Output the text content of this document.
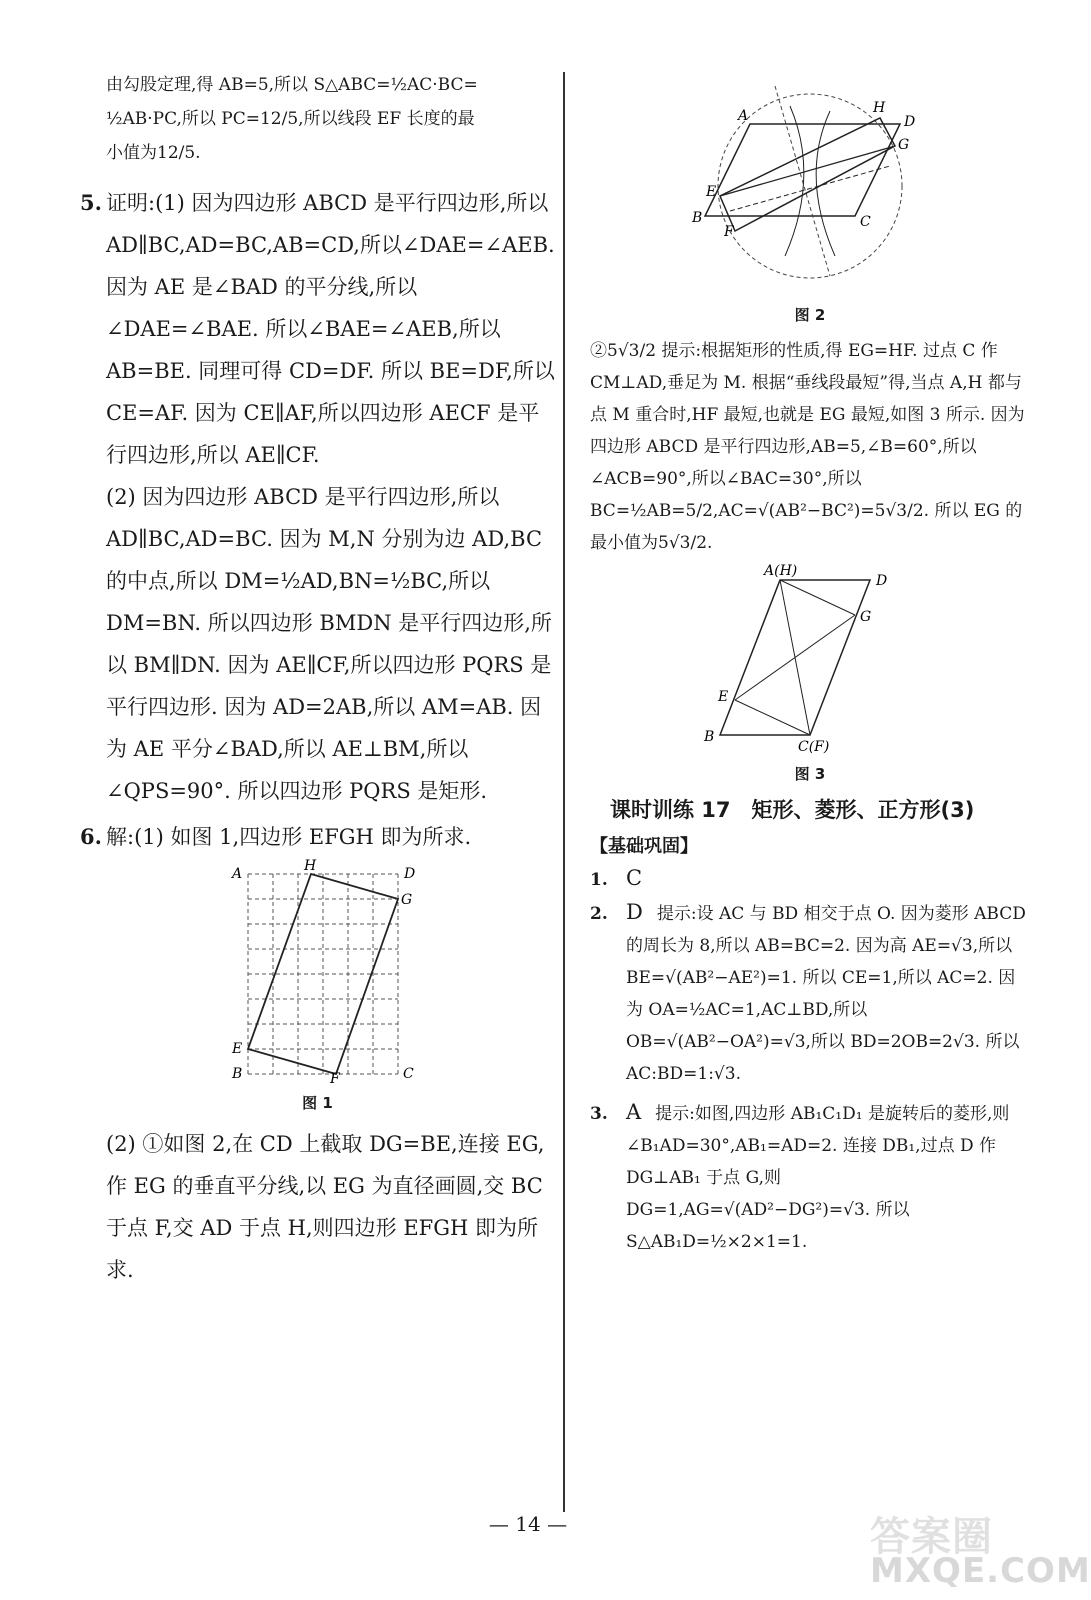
由勾股定理,得 AB=5,所以 S△ABC=½AC·BC=

½AB·PC,所以 PC=12/5,所以线段 EF 长度的最

小值为12/5.

5. 证明:(1) 因为四边形 ABCD 是平行四边形,所以 AD∥BC,AD=BC,AB=CD,所以∠DAE=∠AEB. 因为 AE 是∠BAD 的平分线,所以∠DAE=∠BAE. 所以∠BAE=∠AEB,所以 AB=BE. 同理可得 CD=DF. 所以 BE=DF,所以 CE=AF. 因为 CE∥AF,所以四边形 AECF 是平行四边形,所以 AE∥CF.

(2) 因为四边形 ABCD 是平行四边形,所以 AD∥BC,AD=BC. 因为 M,N 分别为边 AD,BC 的中点,所以 DM=½AD,BN=½BC,所以 DM=BN. 所以四边形 BMDN 是平行四边形,所以 BM∥DN. 因为 AE∥CF,所以四边形 PQRS 是平行四边形. 因为 AD=2AB,所以 AM=AB. 因为 AE 平分∠BAD,所以 AE⊥BM,所以∠QPS=90°. 所以四边形 PQRS 是矩形.

6. 解:(1) 如图 1,四边形 EFGH 即为所求.

A	H	D
G
E
B	F	C
图 1

(2) ①如图 2,在 CD 上截取 DG=BE,连接 EG,作 EG 的垂直平分线,以 EG 为直径画圆,交 BC 于点 F,交 AD 于点 H,则四边形 EFGH 即为所求.

A	H
D
G
E
B
F
C
图 2

②5√3/2 提示:根据矩形的性质,得 EG=HF. 过点 C 作 CM⊥AD,垂足为 M. 根据“垂线段最短”得,当点 A,H 都与点 M 重合时,HF 最短,也就是 EG 最短,如图 3 所示. 因为四边形 ABCD 是平行四边形,AB=5,∠B=60°,所以∠ACB=90°,所以∠BAC=30°,所以 BC=½AB=5/2,AC=√(AB²−BC²)=5√3/2. 所以 EG 的最小值为5√3/2.

A(H)
D
G
E
B
C(F)
图 3
课时训练 17　矩形、菱形、正方形(3)
【基础巩固】

1. C

2. D 提示:设 AC 与 BD 相交于点 O. 因为菱形 ABCD 的周长为 8,所以 AB=BC=2. 因为高 AE=√3,所以 BE=√(AB²−AE²)=1. 所以 CE=1,所以 AC=2. 因为 OA=½AC=1,AC⊥BD,所以 OB=√(AB²−OA²)=√3,所以 BD=2OB=2√3. 所以 AC:BD=1:√3.

3. A 提示:如图,四边形 AB₁C₁D₁ 是旋转后的菱形,则∠B₁AD=30°,AB₁=AD=2. 连接 DB₁,过点 D 作 DG⊥AB₁ 于点 G,则 DG=1,AG=√(AD²−DG²)=√3. 所以 S△AB₁D=½×2×1=1.

— 14 —	答案圈
MXQE.COM
